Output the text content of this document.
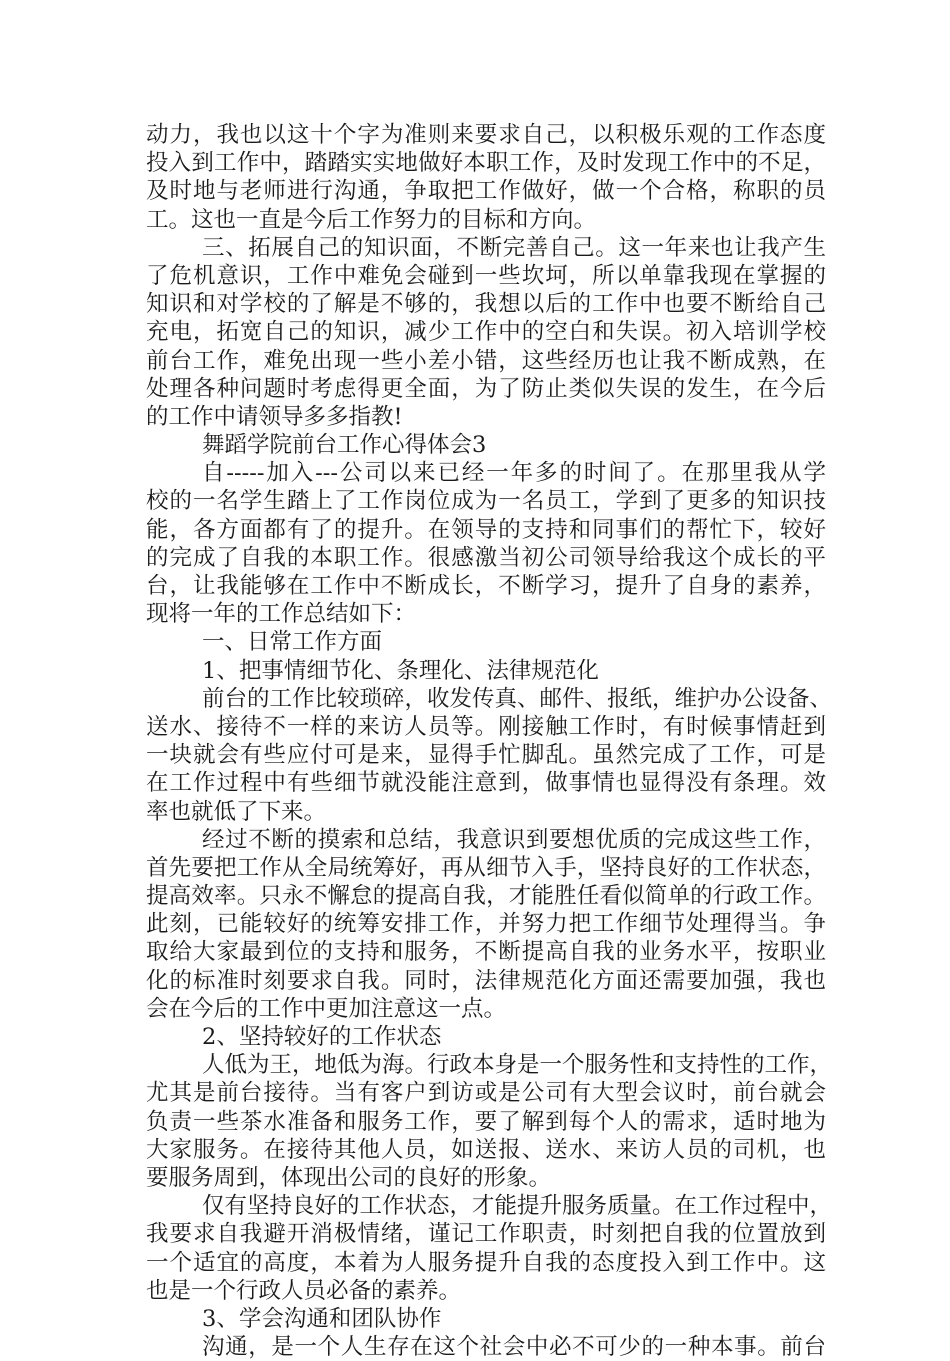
动力，我也以这十个字为准则来要求自己，以积极乐观的工作态度
投入到工作中，踏踏实实地做好本职工作，及时发现工作中的不足，
及时地与老师进行沟通，争取把工作做好，做一个合格，称职的员
工。这也一直是今后工作努力的目标和方向。
三、拓展自己的知识面，不断完善自己。这一年来也让我产生
了危机意识，工作中难免会碰到一些坎坷，所以单靠我现在掌握的
知识和对学校的了解是不够的，我想以后的工作中也要不断给自己
充电，拓宽自己的知识，减少工作中的空白和失误。初入培训学校
前台工作，难免出现一些小差小错，这些经历也让我不断成熟，在
处理各种问题时考虑得更全面，为了防止类似失误的发生，在今后
的工作中请领导多多指教!
舞蹈学院前台工作心得体会3
自-----加入---公司以来已经一年多的时间了。在那里我从学
校的一名学生踏上了工作岗位成为一名员工，学到了更多的知识技
能，各方面都有了的提升。在领导的支持和同事们的帮忙下，较好
的完成了自我的本职工作。很感激当初公司领导给我这个成长的平
台，让我能够在工作中不断成长，不断学习，提升了自身的素养，
现将一年的工作总结如下：
一、日常工作方面
1、把事情细节化、条理化、法律规范化
前台的工作比较琐碎，收发传真、邮件、报纸，维护办公设备、
送水、接待不一样的来访人员等。刚接触工作时，有时候事情赶到
一块就会有些应付可是来，显得手忙脚乱。虽然完成了工作，可是
在工作过程中有些细节就没能注意到，做事情也显得没有条理。效
率也就低了下来。
经过不断的摸索和总结，我意识到要想优质的完成这些工作，
首先要把工作从全局统筹好，再从细节入手，坚持良好的工作状态，
提高效率。只永不懈怠的提高自我，才能胜任看似简单的行政工作。
此刻，已能较好的统筹安排工作，并努力把工作细节处理得当。争
取给大家最到位的支持和服务，不断提高自我的业务水平，按职业
化的标准时刻要求自我。同时，法律规范化方面还需要加强，我也
会在今后的工作中更加注意这一点。
2、坚持较好的工作状态
人低为王，地低为海。行政本身是一个服务性和支持性的工作，
尤其是前台接待。当有客户到访或是公司有大型会议时，前台就会
负责一些茶水准备和服务工作，要了解到每个人的需求，适时地为
大家服务。在接待其他人员，如送报、送水、来访人员的司机，也
要服务周到，体现出公司的良好的形象。
仅有坚持良好的工作状态，才能提升服务质量。在工作过程中，
我要求自我避开消极情绪，谨记工作职责，时刻把自我的位置放到
一个适宜的高度，本着为人服务提升自我的态度投入到工作中。这
也是一个行政人员必备的素养。
3、学会沟通和团队协作
沟通，是一个人生存在这个社会中必不可少的一种本事。前台
